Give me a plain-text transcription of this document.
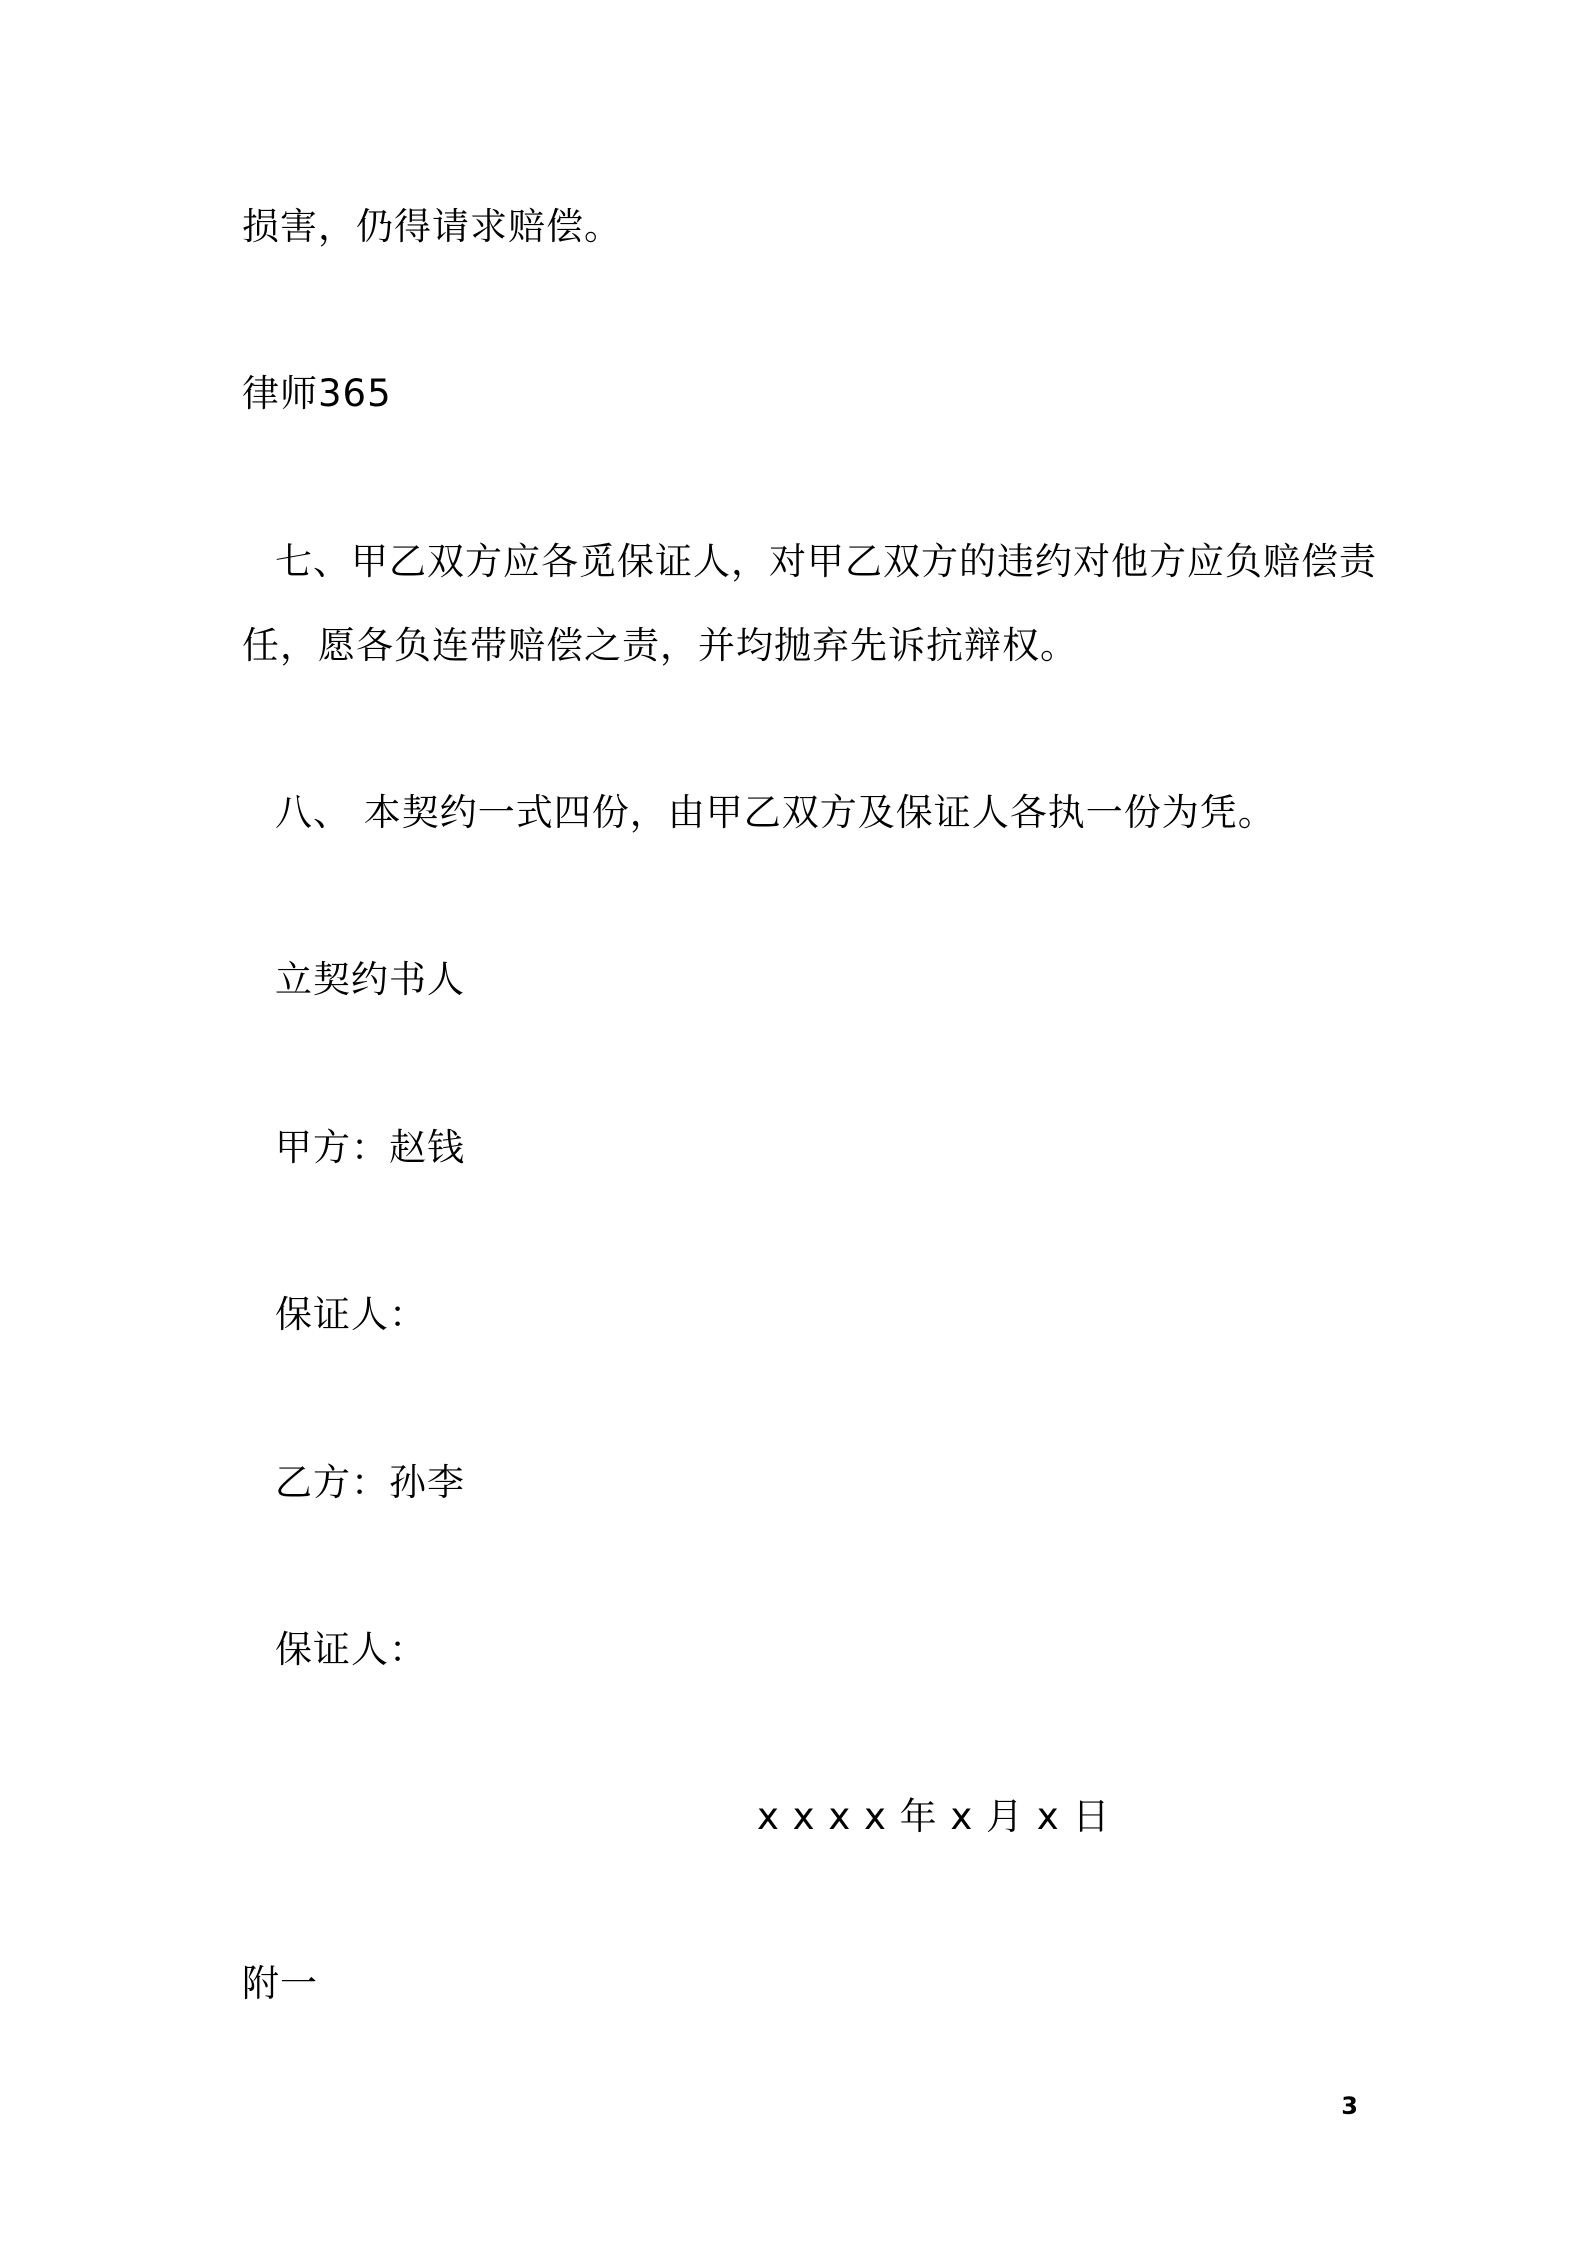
损害，仍得请求赔偿。
律师365
七、甲乙双方应各觅保证人，对甲乙双方的违约对他方应负赔偿责
任，愿各负连带赔偿之责，并均抛弃先诉抗辩权。
八、 本契约一式四份，由甲乙双方及保证人各执一份为凭。
立契约书人
甲方：赵钱
保证人：
乙方：孙李
保证人：
x x x x 年 x 月 x 日
附一
3
